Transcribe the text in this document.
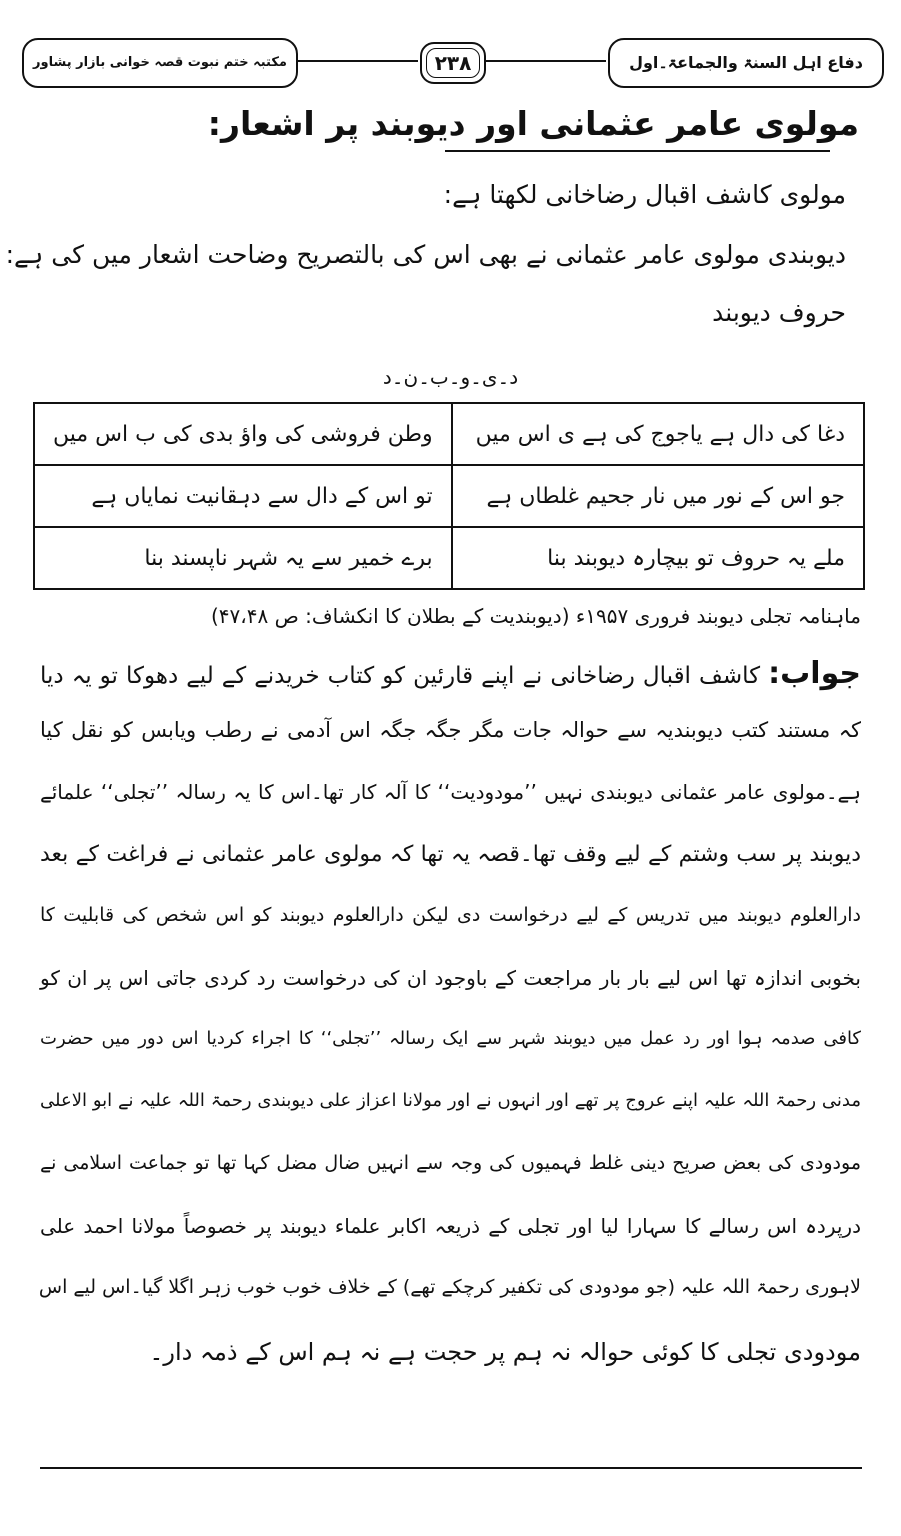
مکتبہ ختم نبوت قصہ خوانی بازار پشاور	۲۳۸	دفاع اہل السنۃ والجماعۃ۔اول
مولوی عامر عثمانی اور دیوبند پر اشعار:
مولوی کاشف اقبال رضاخانی لکھتا ہے:
دیوبندی مولوی عامر عثمانی نے بھی اس کی بالتصریح وضاحت اشعار میں کی ہے:
حروف دیوبند
د۔ی۔و۔ب۔ن۔د
دغا کی دال ہے یاجوج کی ہے ی اس میں	وطن فروشی کی واؤ بدی کی ب اس میں
جو اس کے نور میں نار جحیم غلطاں ہے	تو اس کے دال سے دہقانیت نمایاں ہے
ملے یہ حروف تو بیچارہ دیوبند بنا	برے خمیر سے یہ شہر ناپسند بنا
ماہنامہ تجلی دیوبند فروری ۱۹۵۷ء (دیوبندیت کے بطلان کا انکشاف: ص ۴۷،۴۸)
جواب: کاشف اقبال رضاخانی نے اپنے قارئین کو کتاب خریدنے کے لیے دھوکا تو یہ دیا
کہ مستند کتب دیوبندیہ سے حوالہ جات مگر جگہ جگہ اس آدمی نے رطب ویابس کو نقل کیا
ہے۔مولوی عامر عثمانی دیوبندی نہیں ’’مودودیت‘‘ کا آلہ کار تھا۔اس کا یہ رسالہ ’’تجلی‘‘ علمائے
دیوبند پر سب وشتم کے لیے وقف تھا۔قصہ یہ تھا کہ مولوی عامر عثمانی نے فراغت کے بعد
دارالعلوم دیوبند میں تدریس کے لیے درخواست دی لیکن دارالعلوم دیوبند کو اس شخص کی قابلیت کا
بخوبی اندازہ تھا اس لیے بار بار مراجعت کے باوجود ان کی درخواست رد کردی جاتی اس پر ان کو
کافی صدمہ ہوا اور رد عمل میں دیوبند شہر سے ایک رسالہ ’’تجلی‘‘ کا اجراء کردیا اس دور میں حضرت
مدنی رحمۃ اللہ علیہ اپنے عروج پر تھے اور انہوں نے اور مولانا اعزاز علی دیوبندی رحمۃ اللہ علیہ نے ابو الاعلی
مودودی کی بعض صریح دینی غلط فہمیوں کی وجہ سے انہیں ضال مضل کہا تھا تو جماعت اسلامی نے
درپردہ اس رسالے کا سہارا لیا اور تجلی کے ذریعہ اکابر علماء دیوبند پر خصوصاً مولانا احمد علی
لاہوری رحمۃ اللہ علیہ (جو مودودی کی تکفیر کرچکے تھے) کے خلاف خوب خوب زہر اگلا گیا۔اس لیے اس
مودودی تجلی کا کوئی حوالہ نہ ہم پر حجت ہے نہ ہم اس کے ذمہ دار۔
